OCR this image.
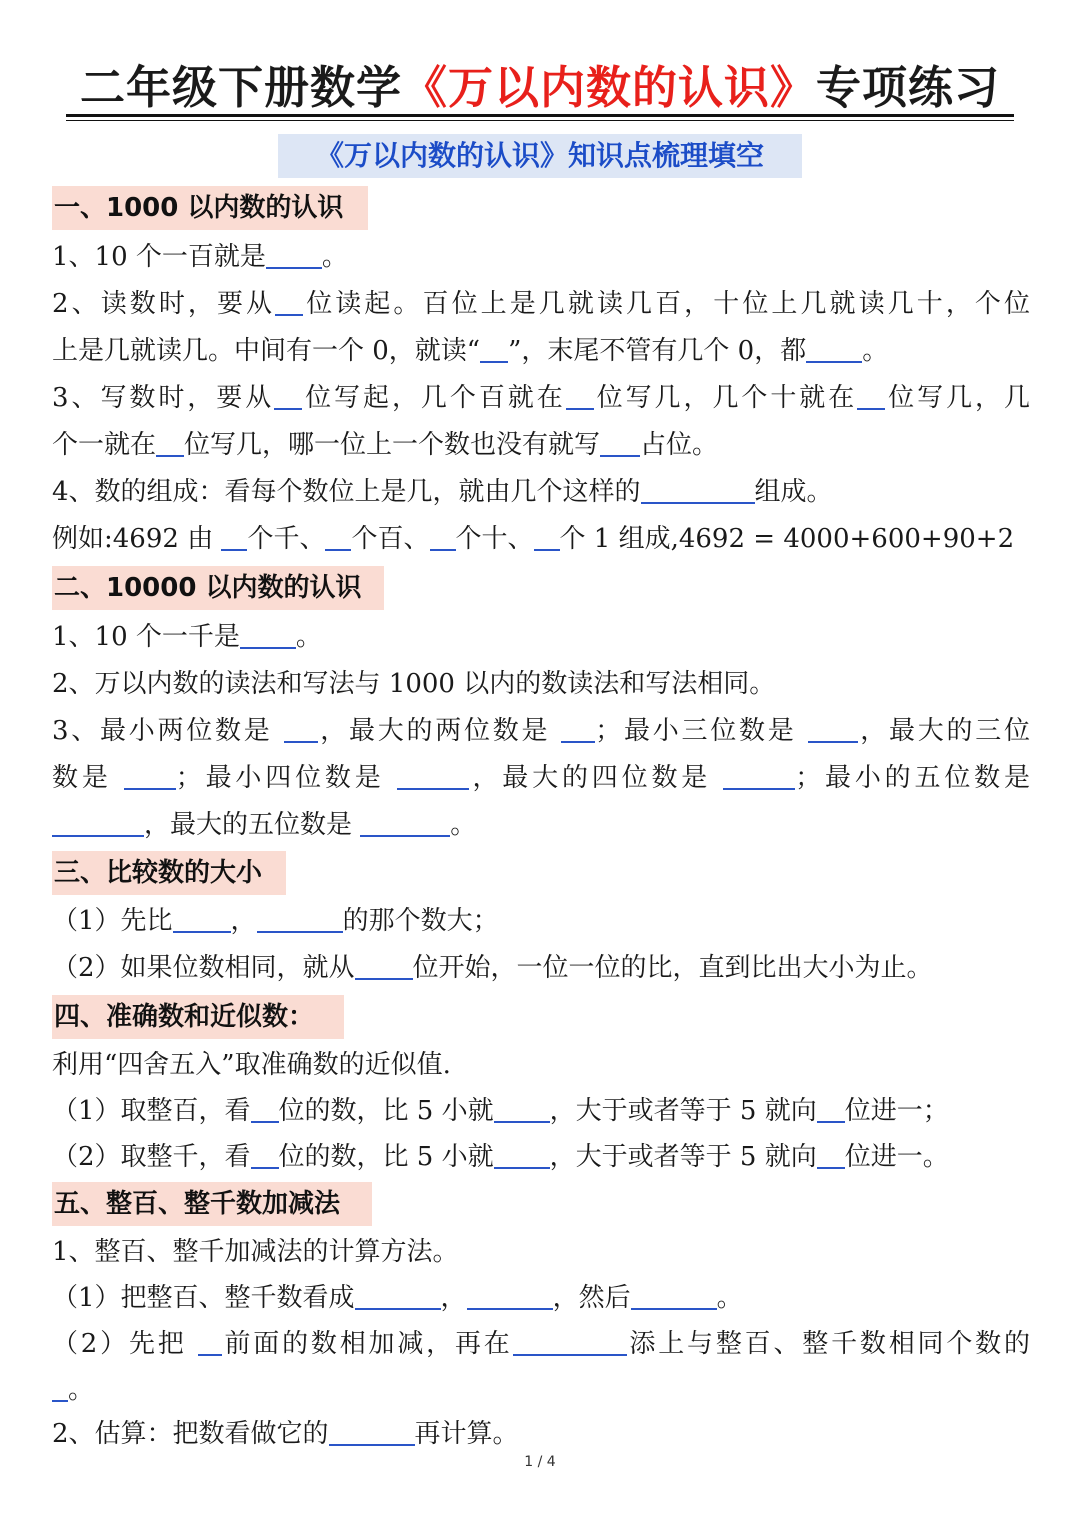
二年级下册数学《万以内数的认识》专项练习
《万以内数的认识》知识点梳理填空
一、1000 以内数的认识
1、10 个一百就是 。
2、读数时，要从 位读起。百位上是几就读几百，十位上几就读几十，个位
上是几就读几。中间有一个 0，就读“ ”，末尾不管有几个 0，都 。
3、写数时，要从 位写起，几个百就在 位写几，几个十就在 位写几，几
个一就在 位写几，哪一位上一个数也没有就写 占位。
4、数的组成：看每个数位上是几，就由几个这样的	组成。
例如:4692 由 个千、 个百、 个十、 个 1 组成,4692 = 4000+600+90+2
二、10000 以内数的认识
1、10 个一千是 。
2、万以内数的读法和写法与 1000 以内的数读法和写法相同。
3、最小两位数是 ，最大的两位数是 ；最小三位数是 ，最大的三位
数是 ；最小四位数是	，最大的四位数是	；最小的五位数是
，最大的五位数是	。
三、比较数的大小
（1）先比 ，	的那个数大；
（2）如果位数相同，就从 位开始，一位一位的比，直到比出大小为止。
四、准确数和近似数：
利用“四舍五入”取准确数的近似值.
（1）取整百，看 位的数，比 5 小就 ，大于或者等于 5 就向 位进一；
（2）取整千，看 位的数，比 5 小就 ，大于或者等于 5 就向 位进一。
五、整百、整千数加减法
1、整百、整千加减法的计算方法。
（1）把整百、整千数看成	，	，然后	。
（2）先把 前面的数相加减，再在	添上与整百、整千数相同个数的
。
2、估算：把数看做它的	再计算。
1 / 4
